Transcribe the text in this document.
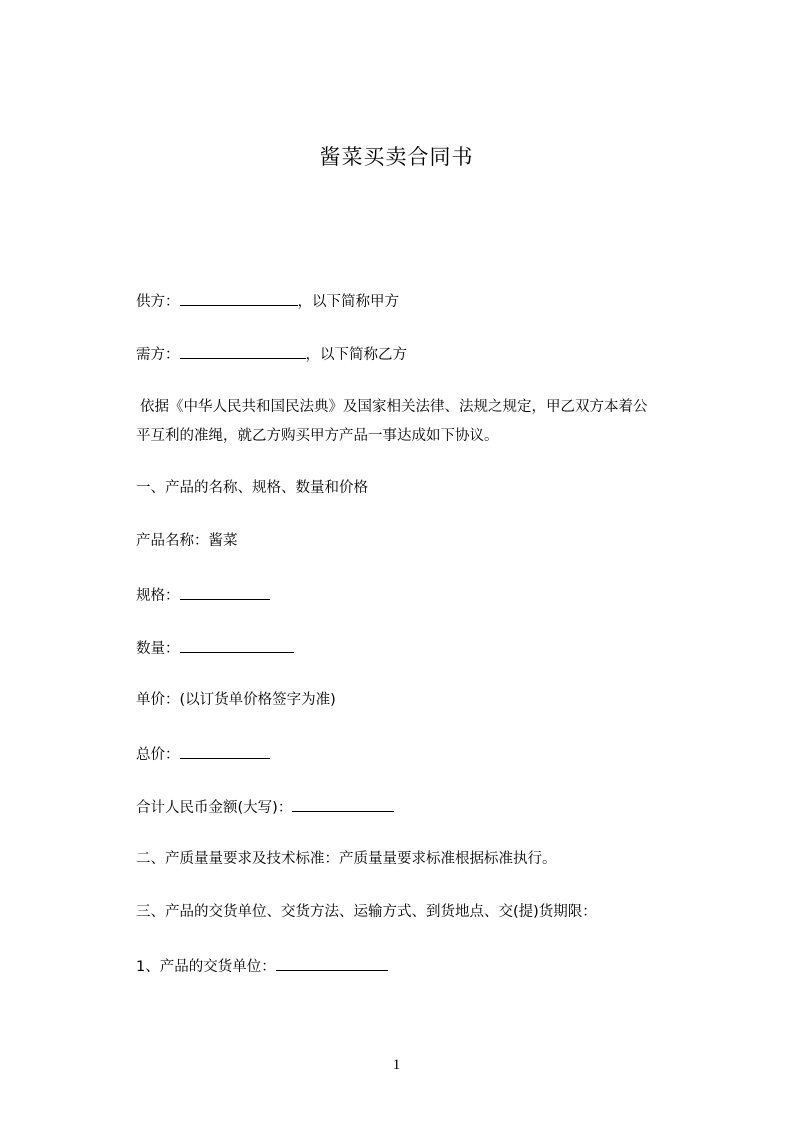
酱菜买卖合同书
供方：	，以下简称甲方
需方：	，以下简称乙方
依据《中华人民共和国民法典》及国家相关法律、法规之规定，甲乙双方本着公平互利的准绳，就乙方购买甲方产品一事达成如下协议。
一、产品的名称、规格、数量和价格
产品名称：酱菜
规格：
数量：
单价：(以订货单价格签字为准)
总价：
合计人民币金额(大写)：
二、产质量量要求及技术标准：产质量量要求标准根据标准执行。
三、产品的交货单位、交货方法、运输方式、到货地点、交(提)货期限：
1、产品的交货单位：
1
